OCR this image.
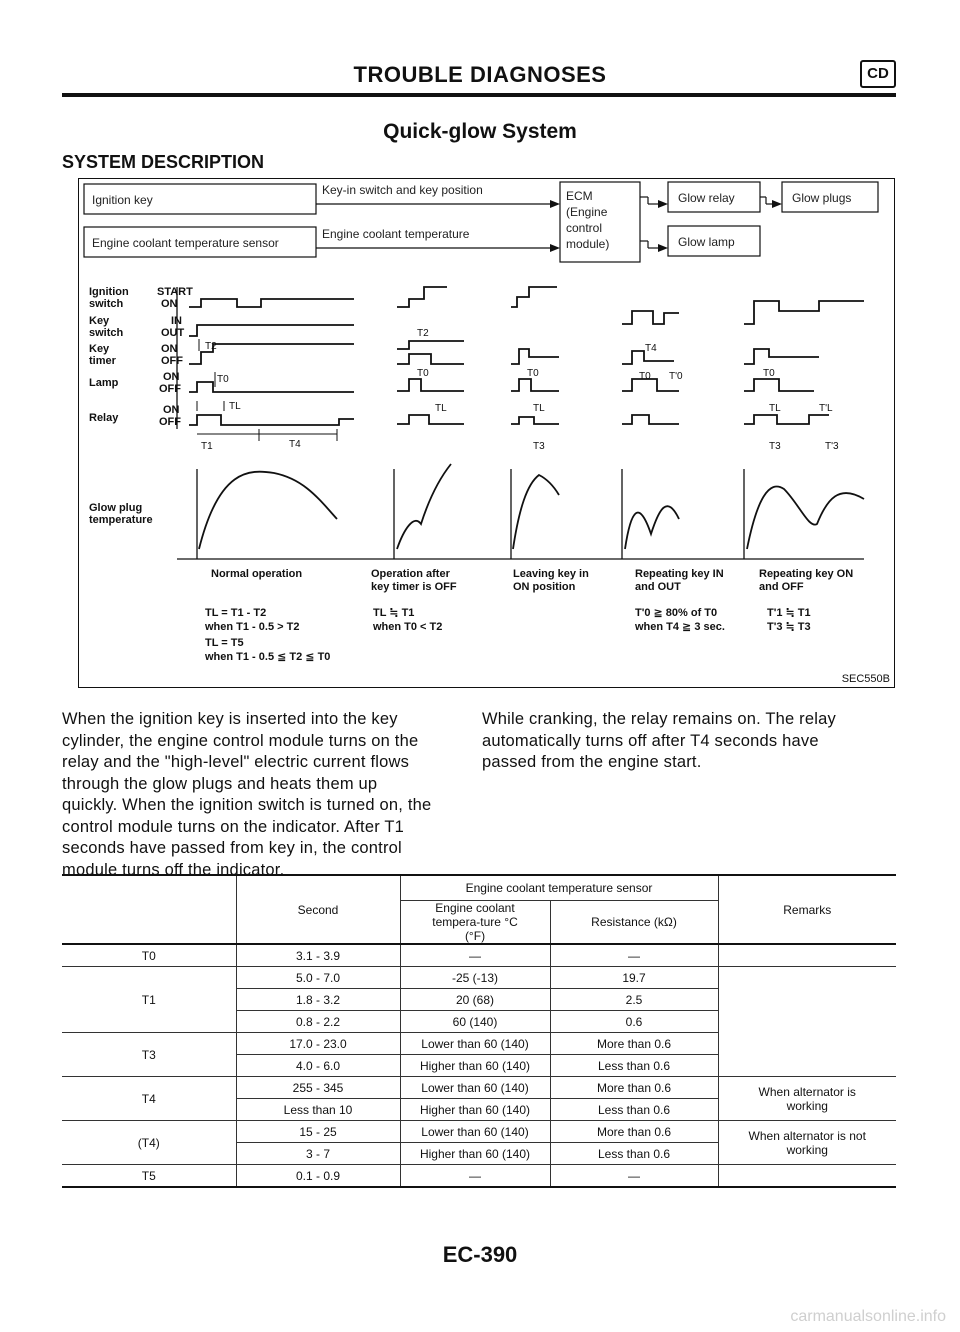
TROUBLE DIAGNOSES	CD
Quick-glow System
SYSTEM DESCRIPTION
Ignition key
Engine coolant temperature sensor
Key-in switch and key position
Engine coolant temperature
ECM
(Engine
control
module)
Glow relay
Glow lamp
Glow plugs
Ignition
switch
Key
switch
Key
timer
Lamp
Relay
Glow plug
temperature
START
ON
IN
OUT
ON
OFF
ON
OFF
ON
OFF
T2
T0
TL
T1	T4
T2
T0
TL
T0
TL
T3
T4
T0 T'0	T0
TL	T'L
T3	T'3
Normal operation	Operation after
key timer is OFF
Leaving key in
ON position
Repeating key IN
and OUT
Repeating key ON
and OFF
TL = T1 - T2
when T1 - 0.5 > T2
TL = T5
when T1 - 0.5 ≦ T2 ≦ T0
TL ≒ T1
when T0 < T2
T'0 ≧ 80% of T0
when T4 ≧ 3 sec.
T'1 ≒ T1
T'3 ≒ T3
SEC550B

When the ignition key is inserted into the key

cylinder, the engine control module turns on the

relay and the "high-level" electric current flows

through the glow plugs and heats them up

quickly. When the ignition switch is turned on, the

control module turns on the indicator. After T1

seconds have passed from key in, the control

module turns off the indicator.

While cranking, the relay remains on. The relay

automatically turns off after T4 seconds have

passed from the engine start.

	Second	Engine coolant temperature sensor		Remarks
		Engine coolant tempera-ture °C (°F)	Resistance (kΩ)	
T0	3.1 - 3.9	—	—	
T1	5.0 - 7.0	-25 (-13)	19.7	
	1.8 - 3.2	20 (68)	2.5	
	0.8 - 2.2	60 (140)	0.6	
T3	17.0 - 23.0	Lower than 60 (140)	More than 0.6	
	4.0 - 6.0	Higher than 60 (140)	Less than 0.6	
T4	255 - 345	Lower than 60 (140)	More than 0.6	When alternator is working
	Less than 10	Higher than 60 (140)	Less than 0.6	
(T4)	15 - 25	Lower than 60 (140)	More than 0.6	When alternator is not working
	3 - 7	Higher than 60 (140)	Less than 0.6	
T5	0.1 - 0.9	—	—	
EC-390
carmanualsonline.info
